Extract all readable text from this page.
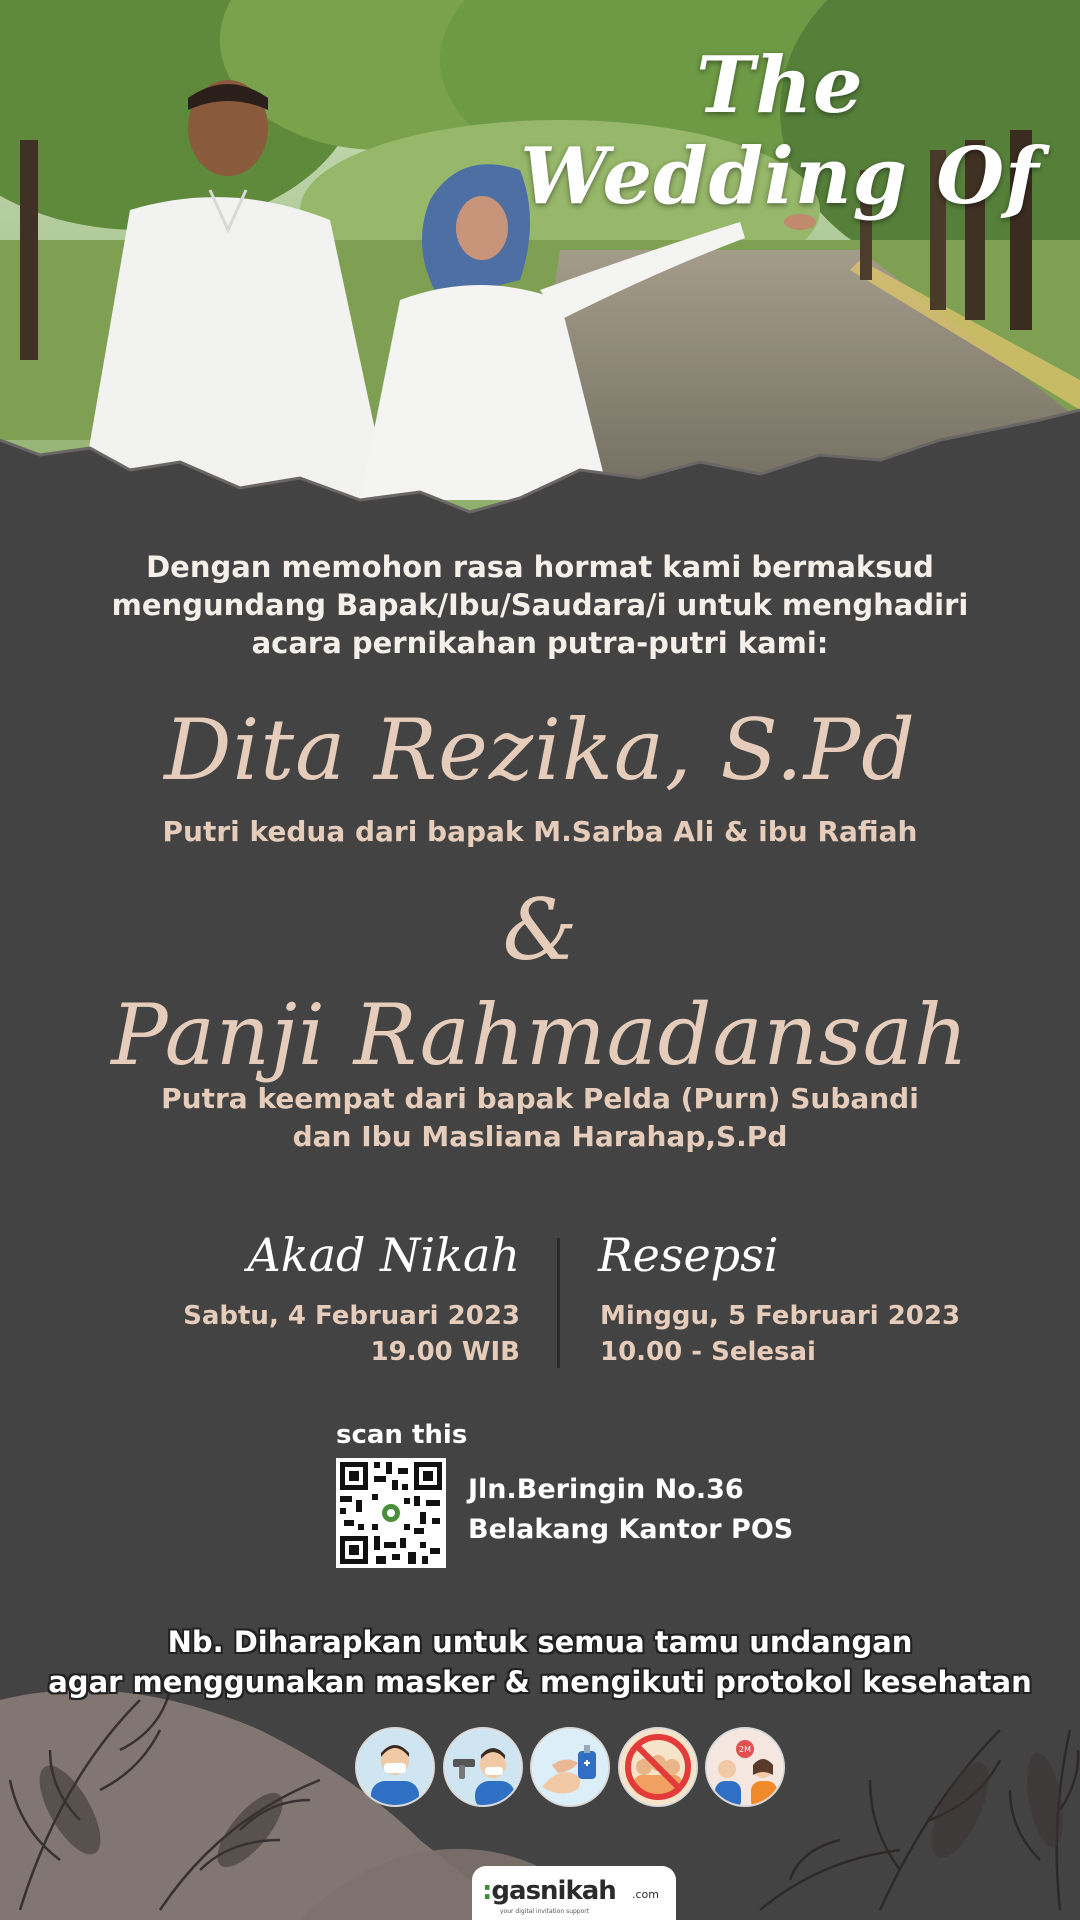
The Wedding Of
Dengan memohon rasa hormat kami bermaksud
mengundang Bapak/Ibu/Saudara/i untuk menghadiri
acara pernikahan putra-putri kami:
Dita Rezika, S.Pd
Putri kedua dari bapak M.Sarba Ali & ibu Rafiah
&
Panji Rahmadansah
Putra keempat dari bapak Pelda (Purn) Subandi
dan Ibu Masliana Harahap,S.Pd
Akad Nikah
Sabtu, 4 Februari 2023
19.00 WIB
Resepsi
Minggu, 5 Februari 2023
10.00 - Selesai
scan this
Jln.Beringin No.36
Belakang Kantor POS
Nb. Diharapkan untuk semua tamu undangan
agar menggunakan masker & mengikuti protokol kesehatan
2M
:gasnikah .com
your digital invitation support
